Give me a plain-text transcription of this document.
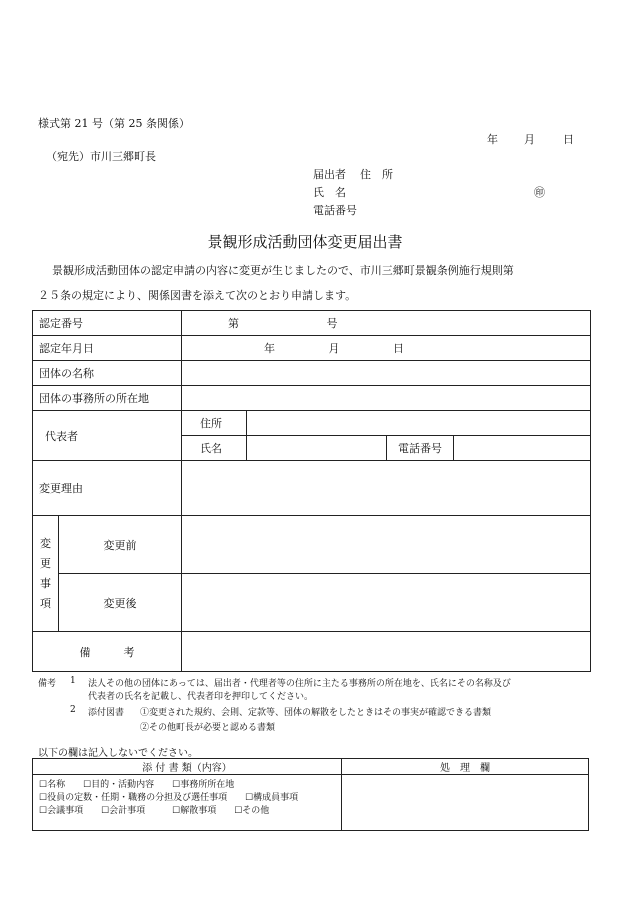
様式第 21 号（第 25 条関係）
年 月	日
（宛先）市川三郷町長
届出者 住　所
氏　名	㊞
電話番号
景観形成活動団体変更届出書
景観形成活動団体の認定申請の内容に変更が生じましたので、市川三郷町景観条例施行規則第
２５条の規定により、関係図書を添えて次のとおり申請します。
認定番号		第 号			
認定年月日		年 月 日			
団体の名称					
団体の事務所の所在地					
代表者		住所			
		氏名		電話番号	
変更理由					

変
更
事
項	変更前				
	変更後				
備　　　考					
備考 1 法人その他の団体にあっては、届出者・代理者等の住所に主たる事務所の所在地を、氏名にその名称及び
代表者の氏名を記載し、代表者印を押印してください。
2 添付図書 ①変更された規約、会則、定款等、団体の解散をしたときはその事実が確認できる書類
②その他町長が必要と認める書類
以下の欄は記入しないでください。
添 付 書 類（内容）	処　理　欄

☐名称　　☐目的・活動内容　　☐事務所所在地
☐役員の定数・任期・職務の分担及び選任事項　　☐構成員事項
☐会議事項　　☐会計事項　　　☐解散事項　　☐その他	
